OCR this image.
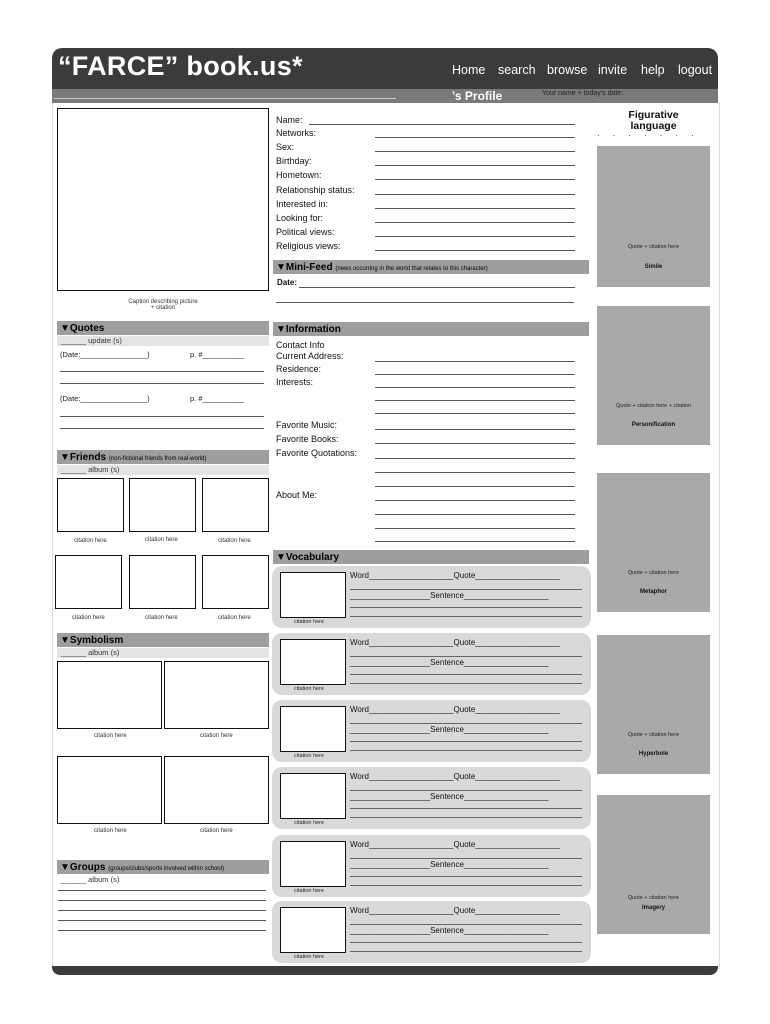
“FARCE” book.us*	Home search browse invite help logout
’s Profile	Your name + today’s date:
Caption describing picture
+ citation
▼Quotes
______ update (s)
(Date:________________)	p. #__________
(Date:________________)	p. #__________
▼Friends (non-fictional friends from real-world)
______ album (s)
citation here	citation here	citation here
citation here	citation here	citation here
▼Symbolism
______ album (s)
citation here	citation here
citation here	citation here
▼Groups (groups/clubs/sports involved within school)
______ album (s)
Name:
Networks:
Sex:
Birthday:
Hometown:
Relationship status:
Interested in:
Looking for:
Political views:
Religious views:
▼Mini-Feed (news occurring in the world that relates to this character)
Date:
▼Information
Contact Info
Current Address:
Residence:
Interests:
Favorite Music:
Favorite Books:
Favorite Quotations:
About Me:
▼Vocabulary
citation here
Word___________________Quote___________________
__________________Sentence___________________
citation here
Word___________________Quote___________________
__________________Sentence___________________
citation here
Word___________________Quote___________________
__________________Sentence___________________
citation here
Word___________________Quote___________________
__________________Sentence___________________
citation here
Word___________________Quote___________________
__________________Sentence___________________
citation here
Word___________________Quote___________________
__________________Sentence___________________
Figurative
language
·······
Quote + citation here
Simile
Quote + citation here + citation
Personification
Quote + citation here
Metaphor
Quote + citation here
Hyperbole
Quote + citation here
Imagery
